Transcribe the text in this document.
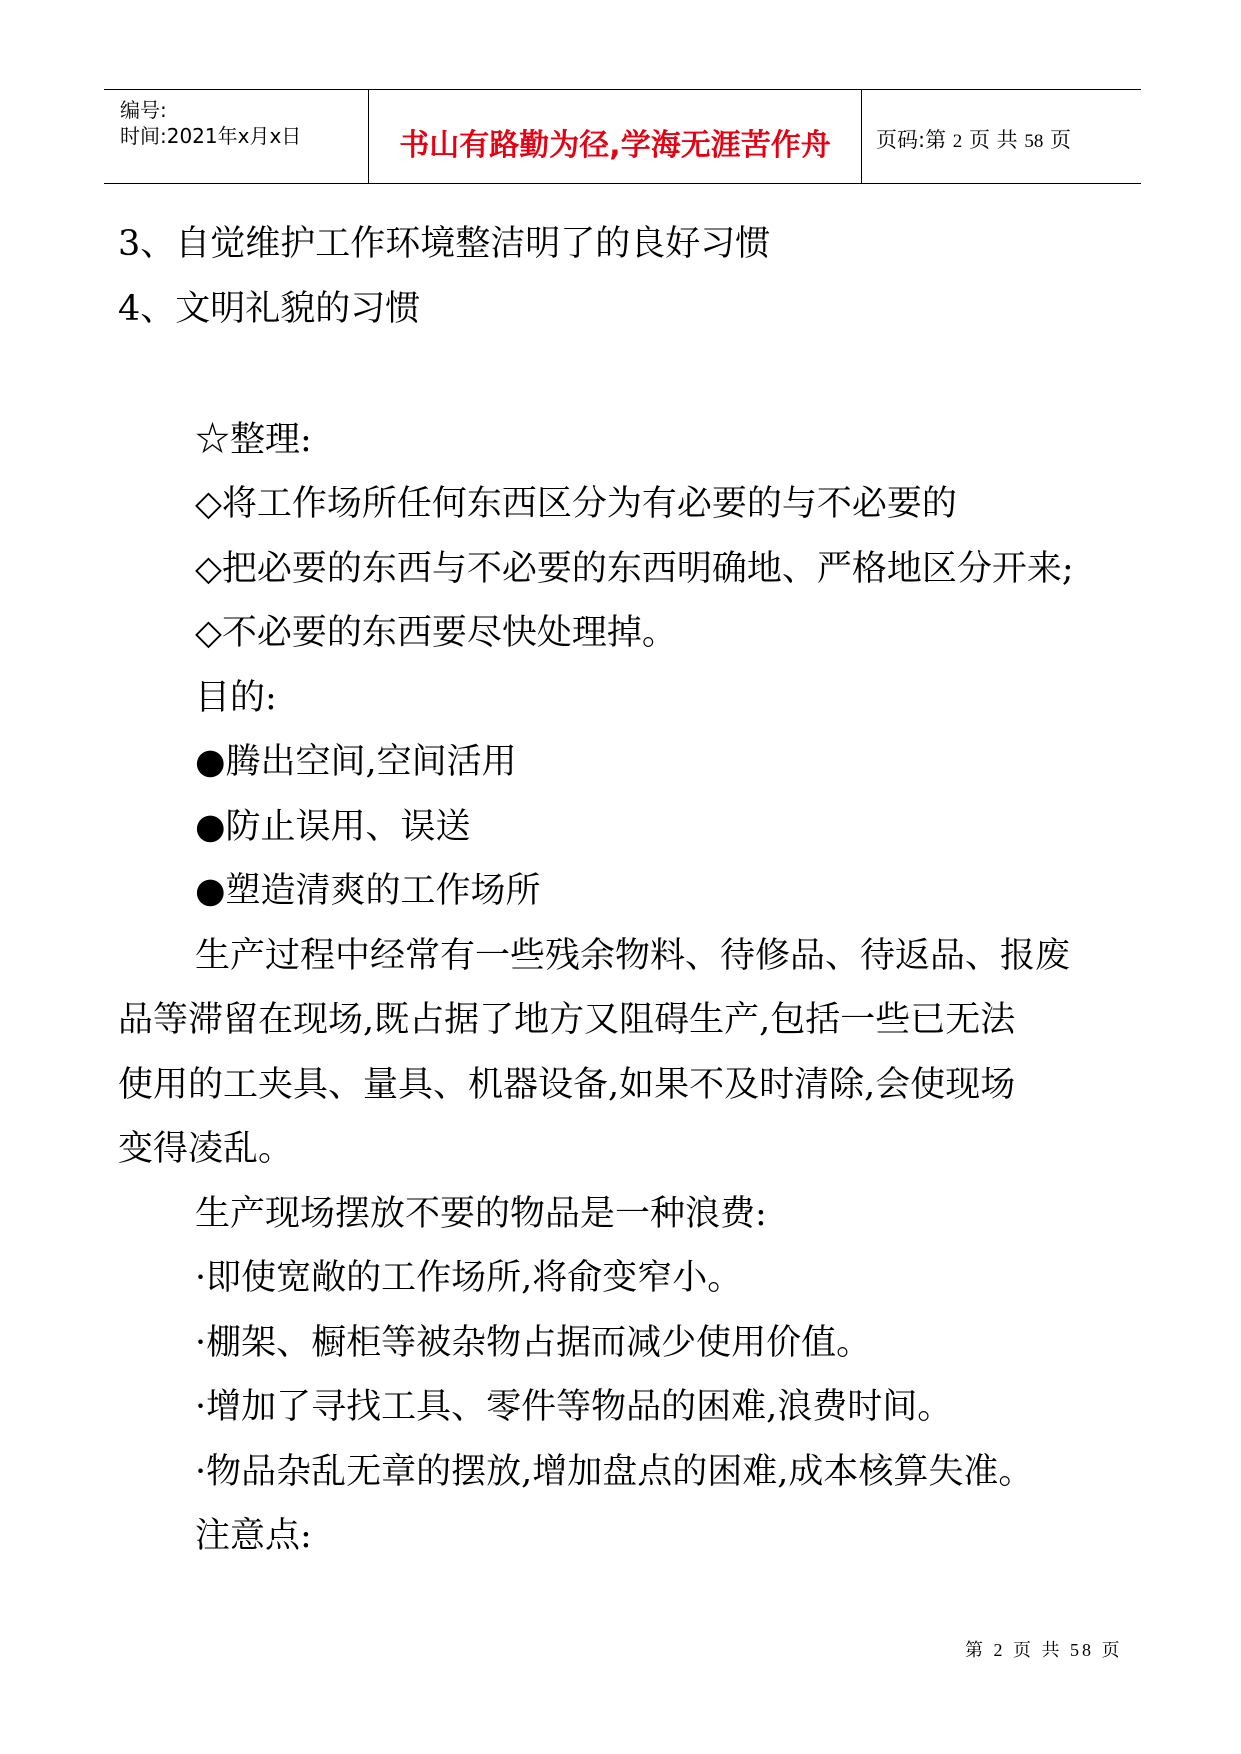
编号:
时间:2021年x月x日	书山有路勤为径,学海无涯苦作舟	页码:第 2 页 共 58 页
3、自觉维护工作环境整洁明了的良好习惯
4、文明礼貌的习惯
☆整理:
◇将工作场所任何东西区分为有必要的与不必要的
◇把必要的东西与不必要的东西明确地、严格地区分开来;
◇不必要的东西要尽快处理掉。
目的:
●腾出空间,空间活用
●防止误用、误送
●塑造清爽的工作场所
生产过程中经常有一些残余物料、待修品、待返品、报废
品等滞留在现场,既占据了地方又阻碍生产,包括一些已无法
使用的工夹具、量具、机器设备,如果不及时清除,会使现场
变得凌乱。
生产现场摆放不要的物品是一种浪费:
·即使宽敞的工作场所,将俞变窄小。
·棚架、橱柜等被杂物占据而减少使用价值。
·增加了寻找工具、零件等物品的困难,浪费时间。
·物品杂乱无章的摆放,增加盘点的困难,成本核算失准。
注意点:
第 2 页 共 58 页
